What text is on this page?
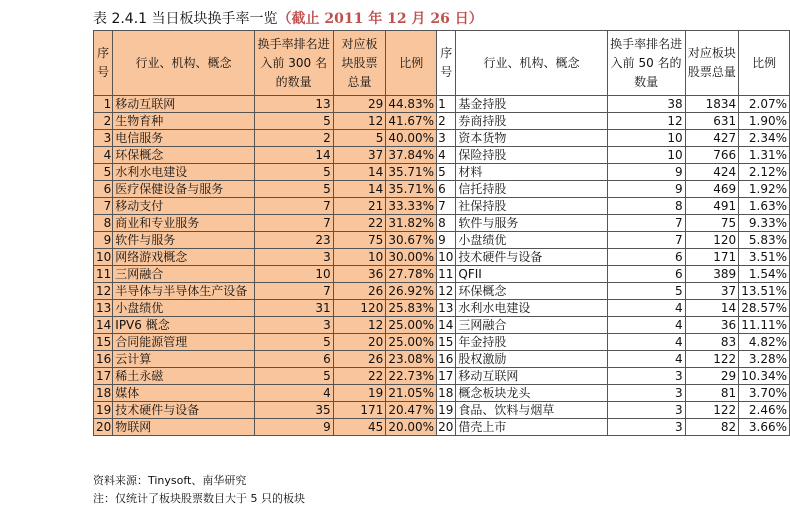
表 2.4.1 当日板块换手率一览（截止 2011 年 12 月 26 日）
序号	行业、机构、概念	换手率排名进入前 300 名的数量	对应板块股票总量	比例	序号	行业、机构、概念	换手率排名进入前 50 名的数量	对应板块股票总量	比例
1	移动互联网	13	29	44.83%	1	基金持股	38	1834	2.07%
2	生物育种	5	12	41.67%	2	券商持股	12	631	1.90%
3	电信服务	2	5	40.00%	3	资本货物	10	427	2.34%
4	环保概念	14	37	37.84%	4	保险持股	10	766	1.31%
5	水利水电建设	5	14	35.71%	5	材料	9	424	2.12%
6	医疗保健设备与服务	5	14	35.71%	6	信托持股	9	469	1.92%
7	移动支付	7	21	33.33%	7	社保持股	8	491	1.63%
8	商业和专业服务	7	22	31.82%	8	软件与服务	7	75	9.33%
9	软件与服务	23	75	30.67%	9	小盘绩优	7	120	5.83%
10	网络游戏概念	3	10	30.00%	10	技术硬件与设备	6	171	3.51%
11	三网融合	10	36	27.78%	11	QFII	6	389	1.54%
12	半导体与半导体生产设备	7	26	26.92%	12	环保概念	5	37	13.51%
13	小盘绩优	31	120	25.83%	13	水利水电建设	4	14	28.57%
14	IPV6 概念	3	12	25.00%	14	三网融合	4	36	11.11%
15	合同能源管理	5	20	25.00%	15	年金持股	4	83	4.82%
16	云计算	6	26	23.08%	16	股权激励	4	122	3.28%
17	稀土永磁	5	22	22.73%	17	移动互联网	3	29	10.34%
18	媒体	4	19	21.05%	18	概念板块龙头	3	81	3.70%
19	技术硬件与设备	35	171	20.47%	19	食品、饮料与烟草	3	122	2.46%
20	物联网	9	45	20.00%	20	借壳上市	3	82	3.66%
资料来源：Tinysoft、南华研究
注：仅统计了板块股票数目大于 5 只的板块
